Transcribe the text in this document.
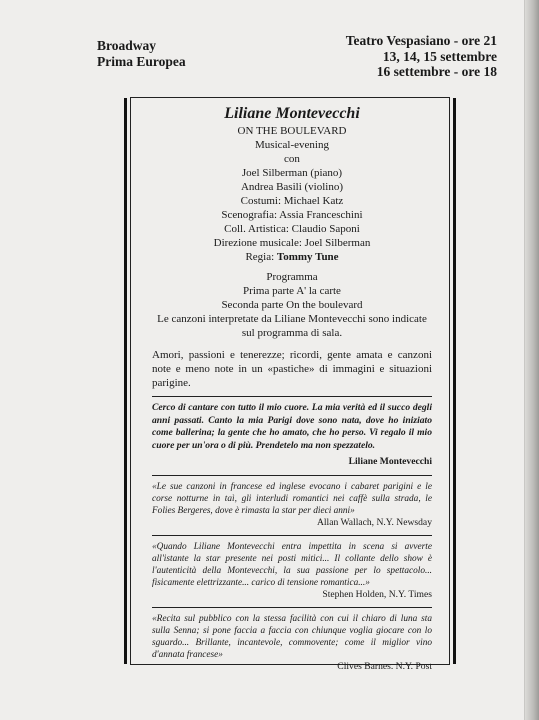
Broadway
Prima Europea
Teatro Vespasiano - ore 21
13, 14, 15 settembre
16 settembre - ore 18
Liliane Montevecchi
ON THE BOULEVARD
Musical-evening
con
Joel Silberman (piano)
Andrea Basili (violino)
Costumi: Michael Katz
Scenografia: Assia Franceschini
Coll. Artistica: Claudio Saponi
Direzione musicale: Joel Silberman
Regia: Tommy Tune
Programma
Prima parte A' la carte
Seconda parte On the boulevard
Le canzoni interpretate da Liliane Montevecchi sono indicate sul programma di sala.
Amori, passioni e tenerezze; ricordi, gente amata e canzoni note e meno note in un «pastiche» di immagini e situazioni parigine.
Cerco di cantare con tutto il mio cuore. La mia verità ed il succo degli anni passati. Canto la mia Parigi dove sono nata, dove ho iniziato come ballerina; la gente che ho amato, che ho perso. Vi regalo il mio cuore per un'ora o di più. Prendetelo ma non spezzatelo.
Liliane Montevecchi
«Le sue canzoni in francese ed inglese evocano i cabaret parigini e le corse notturne in taì, gli interludi romantici nei caffè sulla strada, le Folies Bergeres, dove è rimasta la star per dieci anni»
Allan Wallach, N.Y. Newsday
«Quando Liliane Montevecchi entra impettita in scena si avverte all'istante la star presente nei posti mitici... Il collante dello show è l'autenticità della Montevecchi, la sua passione per lo spettacolo... fisicamente elettrizzante... carico di tensione romantica...»
Stephen Holden, N.Y. Times
«Recita sul pubblico con la stessa facilità con cui il chiaro di luna sta sulla Senna; si pone faccia a faccia con chiunque voglia giocare con lo sguardo... Brillante, incantevole, commovente; come il miglior vino d'annata francese»
Clives Barnes. N.Y. Post
